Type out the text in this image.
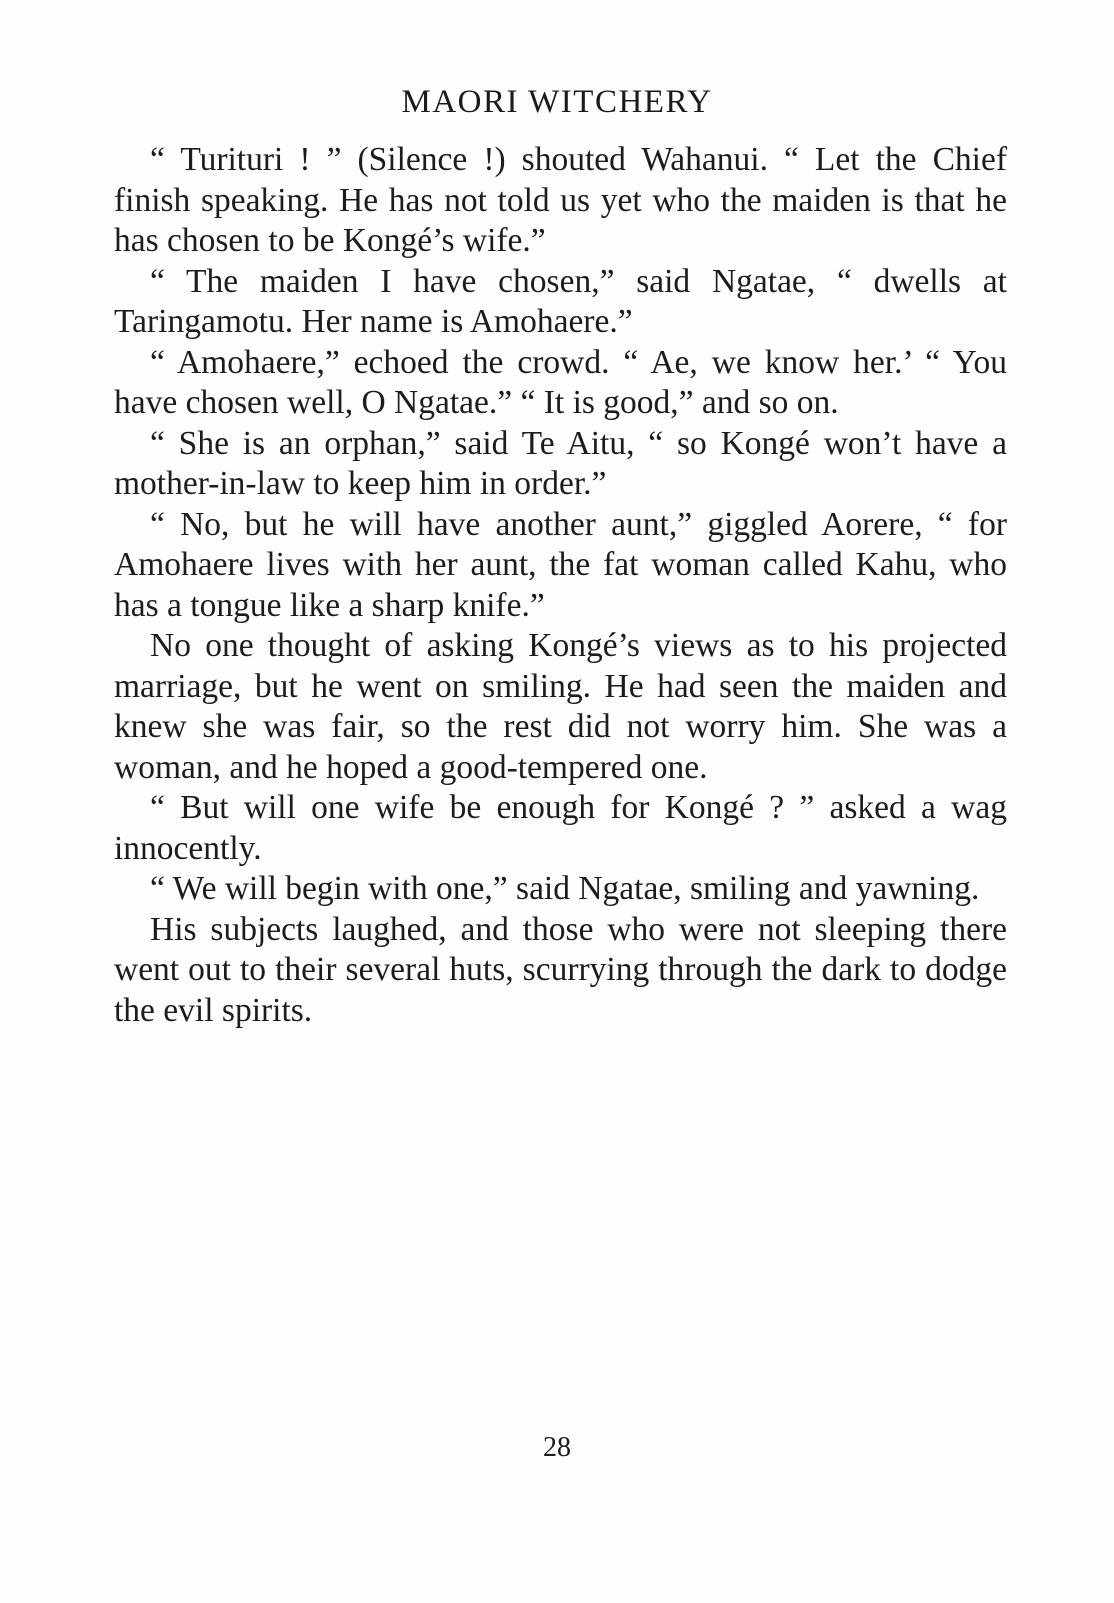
MAORI WITCHERY

“ Turituri ! ” (Silence !) shouted Wahanui. “ Let the Chief finish speaking. He has not told us yet who the maiden is that he has chosen to be Kongé’s wife.”

“ The maiden I have chosen,” said Ngatae, “ dwells at Taringamotu. Her name is Amohaere.”

“ Amohaere,” echoed the crowd. “ Ae, we know her.’ “ You have chosen well, O Ngatae.” “ It is good,” and so on.

“ She is an orphan,” said Te Aitu, “ so Kongé won’t have a mother-in-law to keep him in order.”

“ No, but he will have another aunt,” giggled Aorere, “ for Amohaere lives with her aunt, the fat woman called Kahu, who has a tongue like a sharp knife.”

No one thought of asking Kongé’s views as to his projected marriage, but he went on smiling. He had seen the maiden and knew she was fair, so the rest did not worry him. She was a woman, and he hoped a good-tempered one.

“ But will one wife be enough for Kongé ? ” asked a wag innocently.

“ We will begin with one,” said Ngatae, smiling and yawning.

His subjects laughed, and those who were not sleeping there went out to their several huts, scurrying through the dark to dodge the evil spirits.

28
